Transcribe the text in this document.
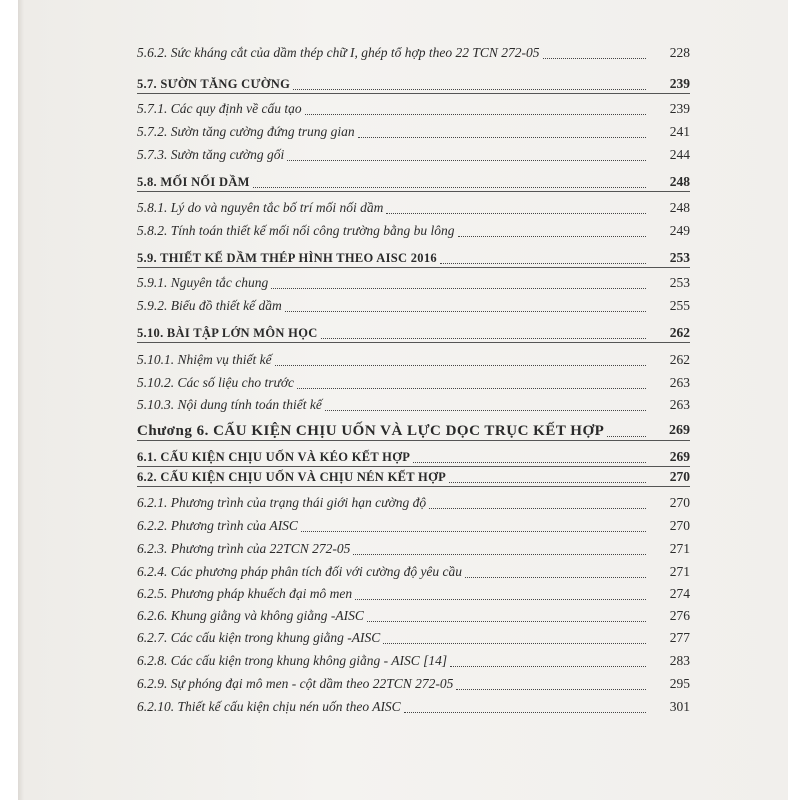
5.6.2. Sức kháng cắt của dầm thép chữ I, ghép tổ hợp theo 22 TCN 272-05	228
5.7. SƯỜN TĂNG CƯỜNG	239
5.7.1. Các quy định về cấu tạo	239
5.7.2. Sườn tăng cường đứng trung gian	241
5.7.3. Sườn tăng cường gối	244
5.8. MỐI NỐI DẦM	248
5.8.1. Lý do và nguyên tắc bố trí mối nối dầm	248
5.8.2. Tính toán thiết kế mối nối công trường bằng bu lông	249
5.9. THIẾT KẾ DẦM THÉP HÌNH THEO AISC 2016	253
5.9.1. Nguyên tắc chung	253
5.9.2. Biểu đồ thiết kế dầm	255
5.10. BÀI TẬP LỚN MÔN HỌC	262
5.10.1. Nhiệm vụ thiết kế	262
5.10.2. Các số liệu cho trước	263
5.10.3. Nội dung tính toán thiết kế	263
Chương 6. CẤU KIỆN CHỊU UỐN VÀ LỰC DỌC TRỤC KẾT HỢP	269
6.1. CẤU KIỆN CHỊU UỐN VÀ KÉO KẾT HỢP	269
6.2. CẤU KIỆN CHỊU UỐN VÀ CHỊU NÉN KẾT HỢP	270
6.2.1. Phương trình của trạng thái giới hạn cường độ	270
6.2.2. Phương trình của AISC	270
6.2.3. Phương trình của 22TCN 272-05	271
6.2.4. Các phương pháp phân tích đối với cường độ yêu cầu	271
6.2.5. Phương pháp khuếch đại mô men	274
6.2.6. Khung giằng và không giằng -AISC	276
6.2.7. Các cấu kiện trong khung giằng -AISC	277
6.2.8. Các cấu kiện trong khung không giằng - AISC [14]	283
6.2.9. Sự phóng đại mô men - cột dầm theo 22TCN 272-05	295
6.2.10. Thiết kế cấu kiện chịu nén uốn theo AISC	301
